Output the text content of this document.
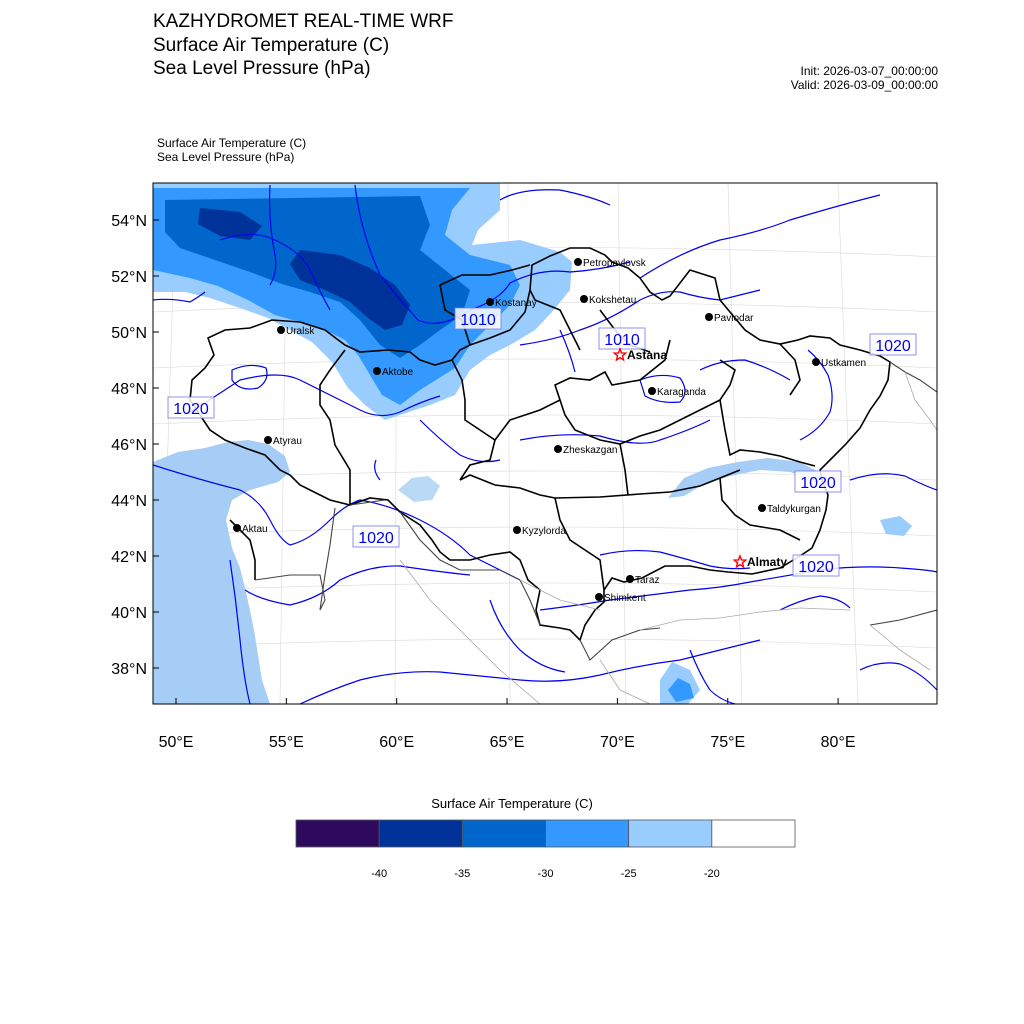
KAZHYDROMET REAL-TIME WRF
Surface Air Temperature (C)
Sea Level Pressure (hPa)	Init: 2026-03-07_00:00:00
Valid: 2026-03-09_00:00:00
Surface Air Temperature (C)
Sea Level Pressure (hPa)
54°N
52°N
50°N
48°N
46°N
44°N
42°N
40°N
38°N
50°E	55°E	60°E	65°E	70°E	75°E	80°E
1010
1010
1020
1020
1020
1020
1020
Petropavlovsk
Kostanay	Kokshetau
Pavlodar
Uralsk
Astana
Aktobe
Ustkamen
Karaganda
Atyrau
Zheskazgan
Taldykurgan
Aktau	Kyzylorda
Almaty
Taraz
Shimkent
-40	-35	-30	-25	-20
Surface Air Temperature (C)
